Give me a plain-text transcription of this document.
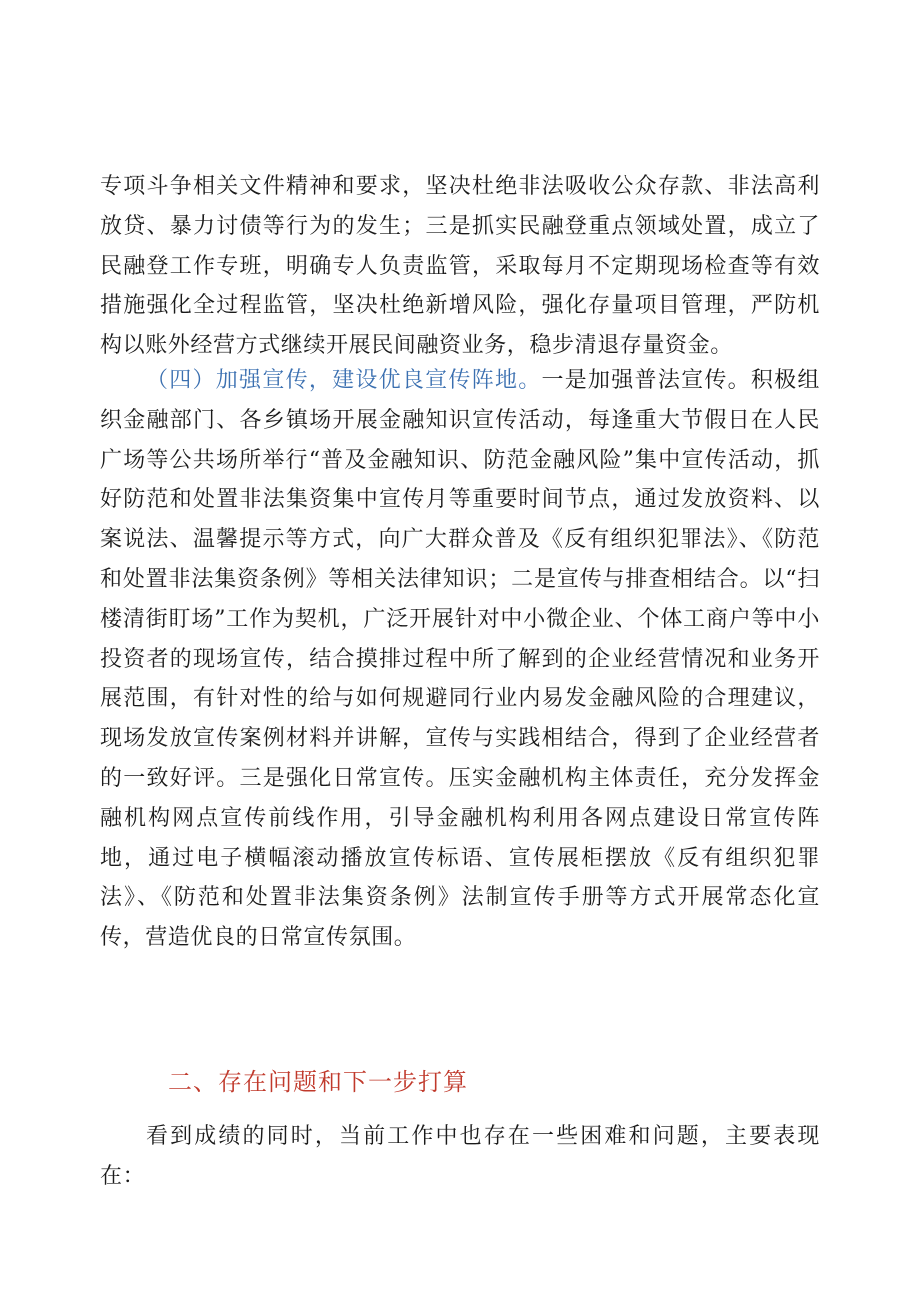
专项斗争相关文件精神和要求，坚决杜绝非法吸收公众存款、非法高利放贷、暴力讨债等行为的发生；三是抓实民融登重点领域处置，成立了民融登工作专班，明确专人负责监管，采取每月不定期现场检查等有效措施强化全过程监管，坚决杜绝新增风险，强化存量项目管理，严防机构以账外经营方式继续开展民间融资业务，稳步清退存量资金。

（四）加强宣传，建设优良宣传阵地。一是加强普法宣传。积极组织金融部门、各乡镇场开展金融知识宣传活动，每逢重大节假日在人民广场等公共场所举行“普及金融知识、防范金融风险”集中宣传活动，抓好防范和处置非法集资集中宣传月等重要时间节点，通过发放资料、以案说法、温馨提示等方式，向广大群众普及《反有组织犯罪法》、《防范和处置非法集资条例》等相关法律知识；二是宣传与排查相结合。以“扫楼清街盯场”工作为契机，广泛开展针对中小微企业、个体工商户等中小投资者的现场宣传，结合摸排过程中所了解到的企业经营情况和业务开展范围，有针对性的给与如何规避同行业内易发金融风险的合理建议，现场发放宣传案例材料并讲解，宣传与实践相结合，得到了企业经营者的一致好评。三是强化日常宣传。压实金融机构主体责任，充分发挥金融机构网点宣传前线作用，引导金融机构利用各网点建设日常宣传阵地，通过电子横幅滚动播放宣传标语、宣传展柜摆放《反有组织犯罪法》、《防范和处置非法集资条例》法制宣传手册等方式开展常态化宣传，营造优良的日常宣传氛围。

二、存在问题和下一步打算

看到成绩的同时，当前工作中也存在一些困难和问题，主要表现在：
